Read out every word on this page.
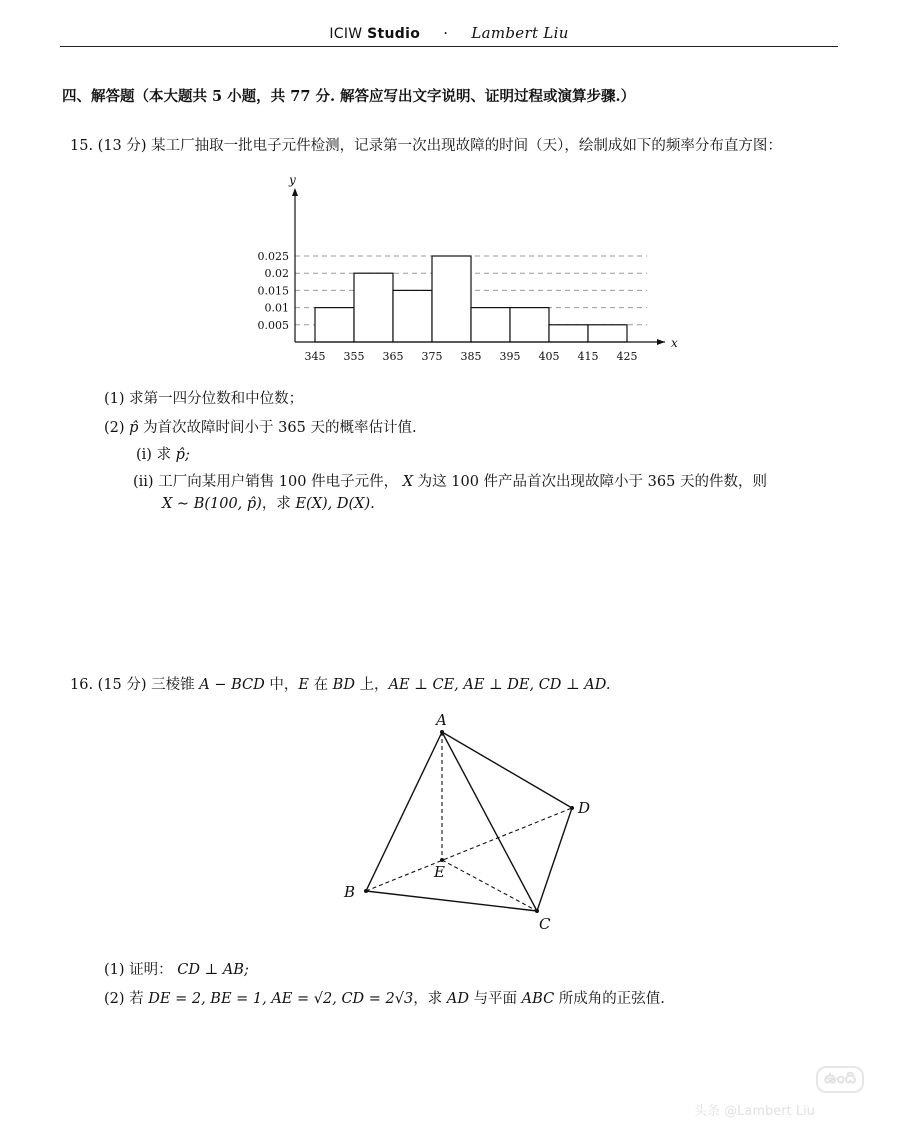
ICIW Studio · Lambert Liu
四、解答题（本大题共 5 小题，共 77 分. 解答应写出文字说明、证明过程或演算步骤.）
15. (13 分) 某工厂抽取一批电子元件检测，记录第一次出现故障的时间（天），绘制成如下的频率分布直方图：
0.005
0.01
0.015
0.02
0.025
x
y
345 355 365 375 385 395 405 415 425
(1) 求第一四分位数和中位数；
(2) p̂ 为首次故障时间小于 365 天的概率估计值.
(i) 求 p̂;
(ii) 工厂向某用户销售 100 件电子元件， X 为这 100 件产品首次出现故障小于 365 天的件数，则
X ∼ B(100, p̂)，求 E(X), D(X).
16. (15 分) 三棱锥 A − BCD 中，E 在 BD 上，AE ⊥ CE, AE ⊥ DE, CD ⊥ AD.
A
B
C
D
E
(1) 证明： CD ⊥ AB;
(2) 若 DE = 2, BE = 1, AE = √2, CD = 2√3，求 AD 与平面 ABC 所成角的正弦值.
ఉంది
头条 @Lambert Liu
